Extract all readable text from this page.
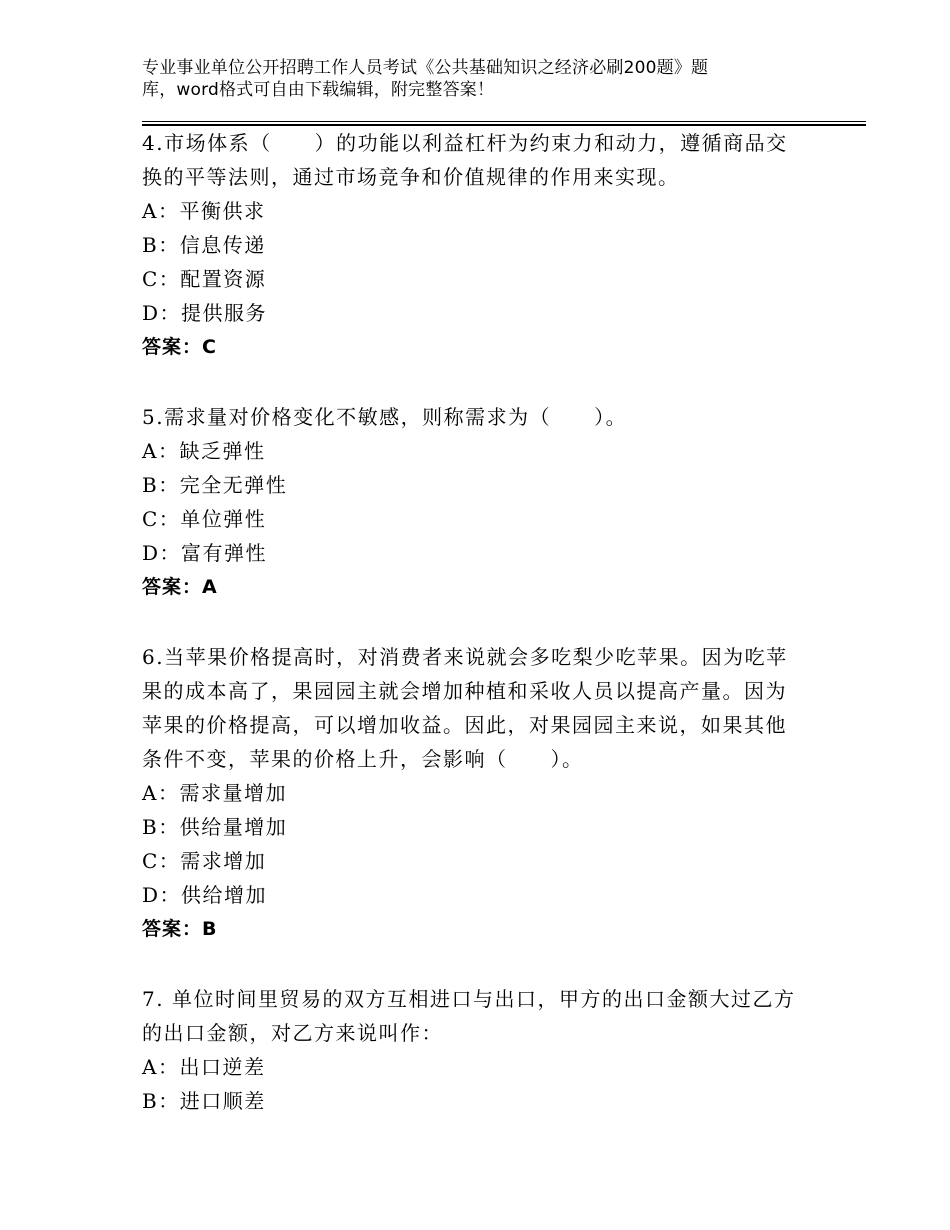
专业事业单位公开招聘工作人员考试《公共基础知识之经济必刷200题》题
库，word格式可自由下载编辑，附完整答案！
4.市场体系（　　）的功能以利益杠杆为约束力和动力，遵循商品交
换的平等法则，通过市场竞争和价值规律的作用来实现。
A：平衡供求
B：信息传递
C：配置资源
D：提供服务
答案：C
5.需求量对价格变化不敏感，则称需求为（　　）。
A：缺乏弹性
B：完全无弹性
C：单位弹性
D：富有弹性
答案：A
6.当苹果价格提高时，对消费者来说就会多吃梨少吃苹果。因为吃苹
果的成本高了，果园园主就会增加种植和采收人员以提高产量。因为
苹果的价格提高，可以增加收益。因此，对果园园主来说，如果其他
条件不变，苹果的价格上升，会影响（　　）。
A：需求量增加
B：供给量增加
C：需求增加
D：供给增加
答案：B
7. 单位时间里贸易的双方互相进口与出口，甲方的出口金额大过乙方
的出口金额，对乙方来说叫作：
A：出口逆差
B：进口顺差
